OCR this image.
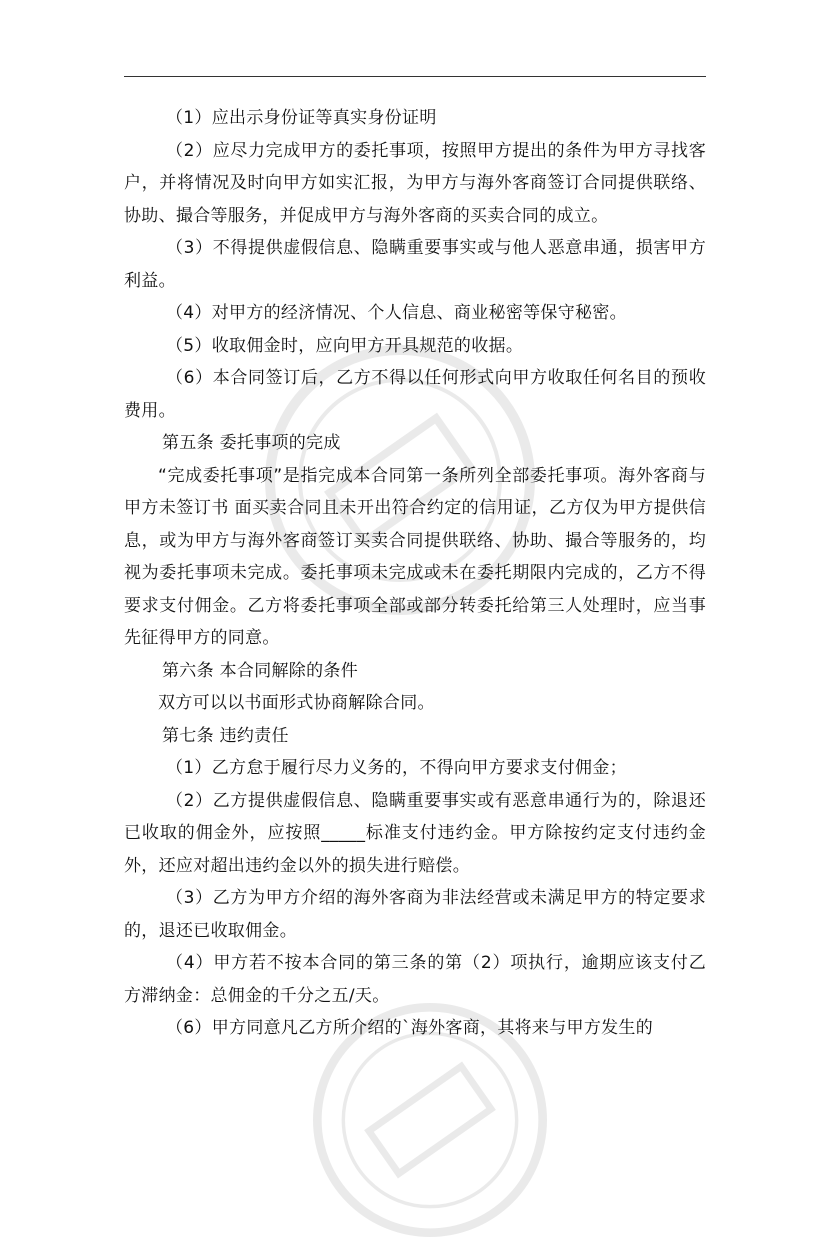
（1）应出示身份证等真实身份证明

（2）应尽力完成甲方的委托事项，按照甲方提出的条件为甲方寻找客户，并将情况及时向甲方如实汇报，为甲方与海外客商签订合同提供联络、协助、撮合等服务，并促成甲方与海外客商的买卖合同的成立。

（3）不得提供虚假信息、隐瞒重要事实或与他人恶意串通，损害甲方利益。

（4）对甲方的经济情况、个人信息、商业秘密等保守秘密。

（5）收取佣金时，应向甲方开具规范的收据。

（6）本合同签订后，乙方不得以任何形式向甲方收取任何名目的预收费用。

第五条 委托事项的完成

“完成委托事项”是指完成本合同第一条所列全部委托事项。海外客商与甲方未签订书 面买卖合同且未开出符合约定的信用证，乙方仅为甲方提供信息，或为甲方与海外客商签订买卖合同提供联络、协助、撮合等服务的，均视为委托事项未完成。委托事项未完成或未在委托期限内完成的，乙方不得要求支付佣金。乙方将委托事项全部或部分转委托给第三人处理时，应当事先征得甲方的同意。

第六条 本合同解除的条件

双方可以以书面形式协商解除合同。

第七条 违约责任

（1）乙方怠于履行尽力义务的，不得向甲方要求支付佣金；

（2）乙方提供虚假信息、隐瞒重要事实或有恶意串通行为的，除退还已收取的佣金外，应按照_____标准支付违约金。甲方除按约定支付违约金外，还应对超出违约金以外的损失进行赔偿。

（3）乙方为甲方介绍的海外客商为非法经营或未满足甲方的特定要求的，退还已收取佣金。

（4）甲方若不按本合同的第三条的第（2）项执行，逾期应该支付乙方滞纳金：总佣金的千分之五/天。

（6）甲方同意凡乙方所介绍的`海外客商，其将来与甲方发生的
